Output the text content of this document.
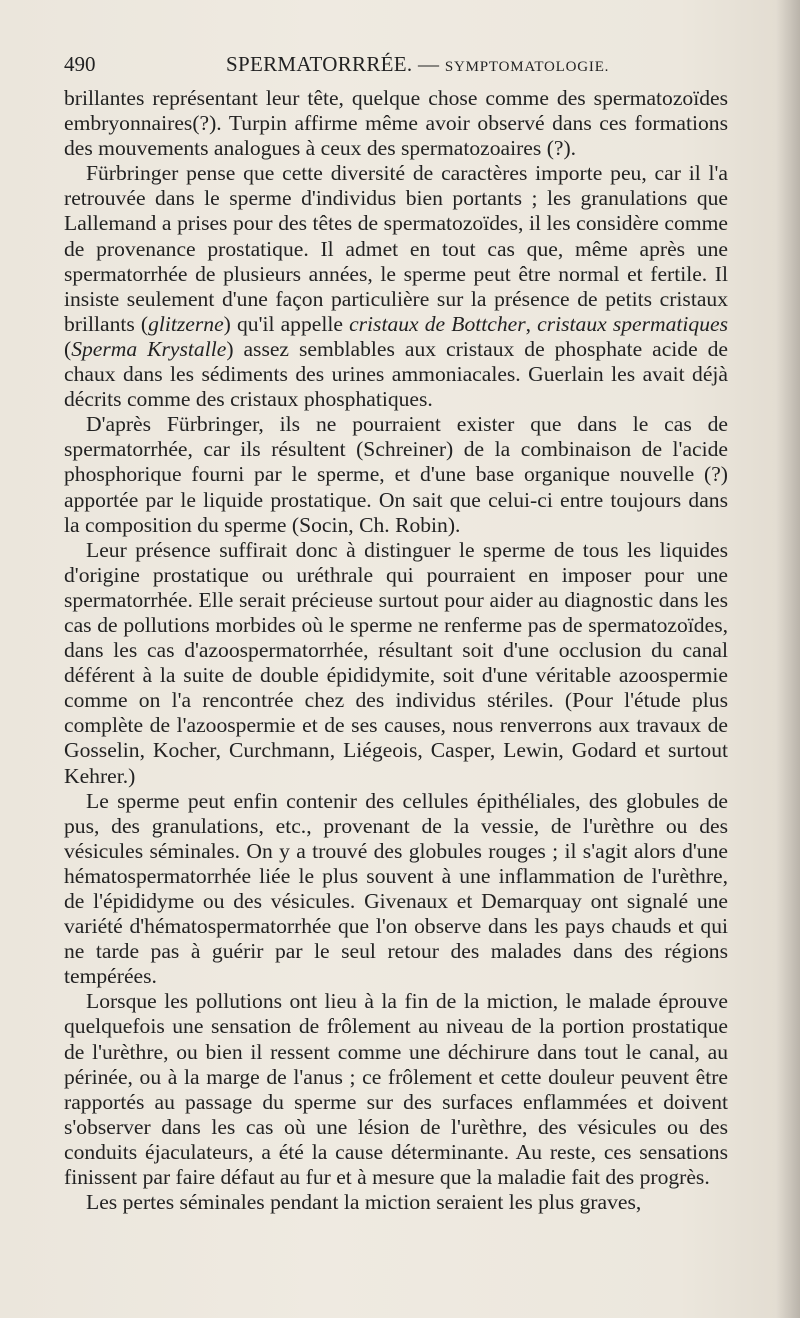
490	SPERMATORRRÉE. — SYMPTOMATOLOGIE.

brillantes représentant leur tête, quelque chose comme des spermatozoïdes embryonnaires(?). Turpin affirme même avoir observé dans ces formations des mouvements analogues à ceux des spermatozoaires (?).

Fürbringer pense que cette diversité de caractères importe peu, car il l'a retrouvée dans le sperme d'individus bien portants ; les granulations que Lallemand a prises pour des têtes de spermatozoïdes, il les considère comme de provenance prostatique. Il admet en tout cas que, même après une spermatorrhée de plusieurs années, le sperme peut être normal et fertile. Il insiste seulement d'une façon particulière sur la présence de petits cristaux brillants (glitzerne) qu'il appelle cristaux de Bottcher, cristaux spermatiques (Sperma Krystalle) assez semblables aux cristaux de phosphate acide de chaux dans les sédiments des urines ammoniacales. Guerlain les avait déjà décrits comme des cristaux phosphatiques.

D'après Fürbringer, ils ne pourraient exister que dans le cas de spermatorrhée, car ils résultent (Schreiner) de la combinaison de l'acide phosphorique fourni par le sperme, et d'une base organique nouvelle (?) apportée par le liquide prostatique. On sait que celui-ci entre toujours dans la composition du sperme (Socin, Ch. Robin).

Leur présence suffirait donc à distinguer le sperme de tous les liquides d'origine prostatique ou uréthrale qui pourraient en imposer pour une spermatorrhée. Elle serait précieuse surtout pour aider au diagnostic dans les cas de pollutions morbides où le sperme ne renferme pas de spermatozoïdes, dans les cas d'azoospermatorrhée, résultant soit d'une occlusion du canal déférent à la suite de double épididymite, soit d'une véritable azoospermie comme on l'a rencontrée chez des individus stériles. (Pour l'étude plus complète de l'azoospermie et de ses causes, nous renverrons aux travaux de Gosselin, Kocher, Curchmann, Liégeois, Casper, Lewin, Godard et surtout Kehrer.)

Le sperme peut enfin contenir des cellules épithéliales, des globules de pus, des granulations, etc., provenant de la vessie, de l'urèthre ou des vésicules séminales. On y a trouvé des globules rouges ; il s'agit alors d'une hématospermatorrhée liée le plus souvent à une inflammation de l'urèthre, de l'épididyme ou des vésicules. Givenaux et Demarquay ont signalé une variété d'hématospermatorrhée que l'on observe dans les pays chauds et qui ne tarde pas à guérir par le seul retour des malades dans des régions tempérées.

Lorsque les pollutions ont lieu à la fin de la miction, le malade éprouve quelquefois une sensation de frôlement au niveau de la portion prostatique de l'urèthre, ou bien il ressent comme une déchirure dans tout le canal, au périnée, ou à la marge de l'anus ; ce frôlement et cette douleur peuvent être rapportés au passage du sperme sur des surfaces enflammées et doivent s'observer dans les cas où une lésion de l'urèthre, des vésicules ou des conduits éjaculateurs, a été la cause déterminante. Au reste, ces sensations finissent par faire défaut au fur et à mesure que la maladie fait des progrès.

Les pertes séminales pendant la miction seraient les plus graves,
